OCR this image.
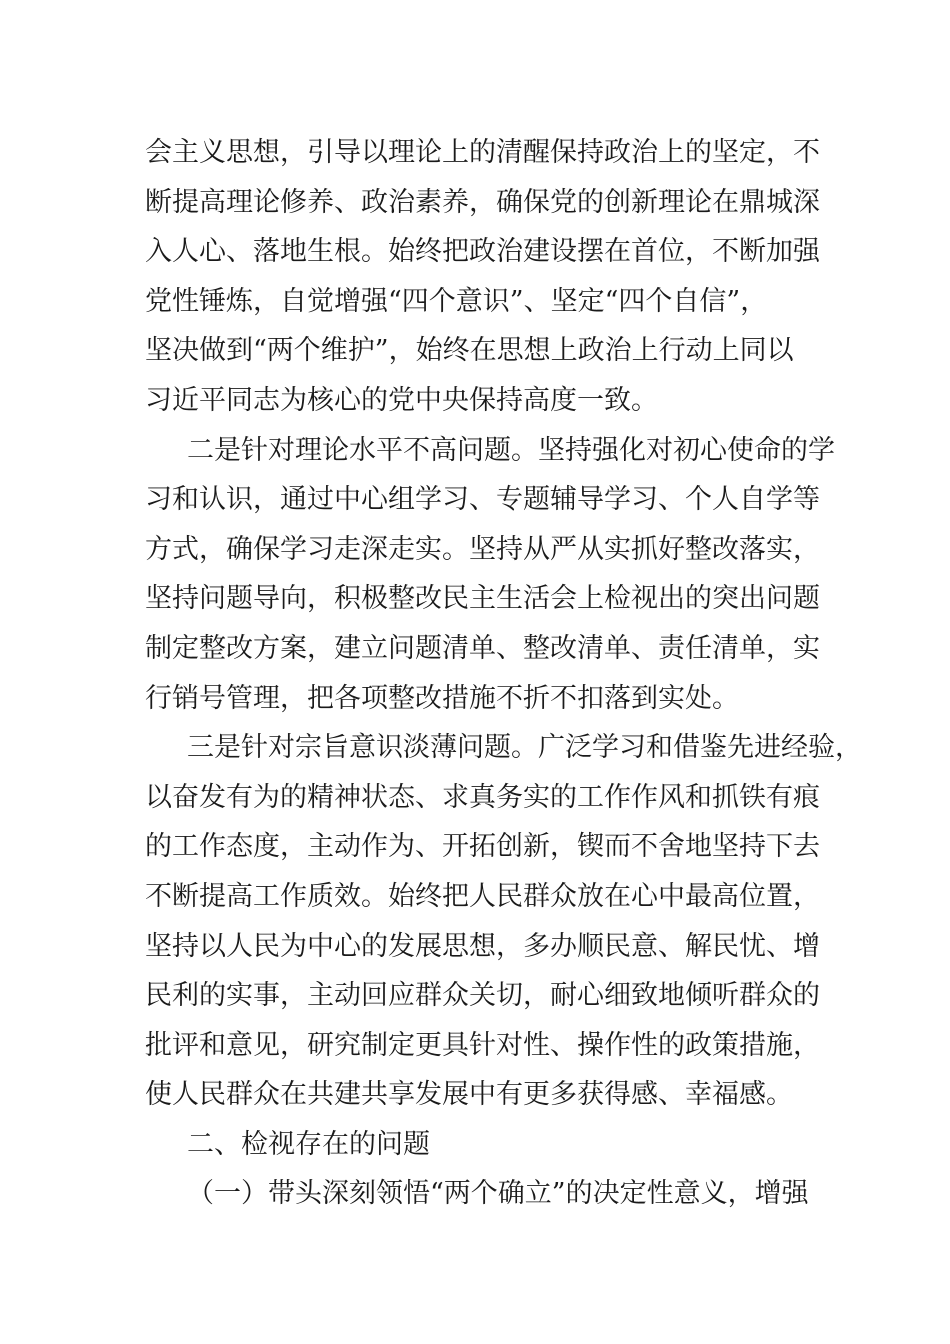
会主义思想，引导以理论上的清醒保持政治上的坚定，不
断提高理论修养、政治素养，确保党的创新理论在鼎城深
入人心、落地生根。始终把政治建设摆在首位，不断加强
党性锤炼，自觉增强“四个意识”、坚定“四个自信”，
坚决做到“两个维护”，始终在思想上政治上行动上同以
习近平同志为核心的党中央保持高度一致。
二是针对理论水平不高问题。坚持强化对初心使命的学
习和认识，通过中心组学习、专题辅导学习、个人自学等
方式，确保学习走深走实。坚持从严从实抓好整改落实，
坚持问题导向，积极整改民主生活会上检视出的突出问题
制定整改方案，建立问题清单、整改清单、责任清单，实
行销号管理，把各项整改措施不折不扣落到实处。
三是针对宗旨意识淡薄问题。广泛学习和借鉴先进经验，
以奋发有为的精神状态、求真务实的工作作风和抓铁有痕
的工作态度，主动作为、开拓创新，锲而不舍地坚持下去
不断提高工作质效。始终把人民群众放在心中最高位置，
坚持以人民为中心的发展思想，多办顺民意、解民忧、增
民利的实事，主动回应群众关切，耐心细致地倾听群众的
批评和意见，研究制定更具针对性、操作性的政策措施，
使人民群众在共建共享发展中有更多获得感、幸福感。
二、检视存在的问题
（一）带头深刻领悟“两个确立”的决定性意义，增强
